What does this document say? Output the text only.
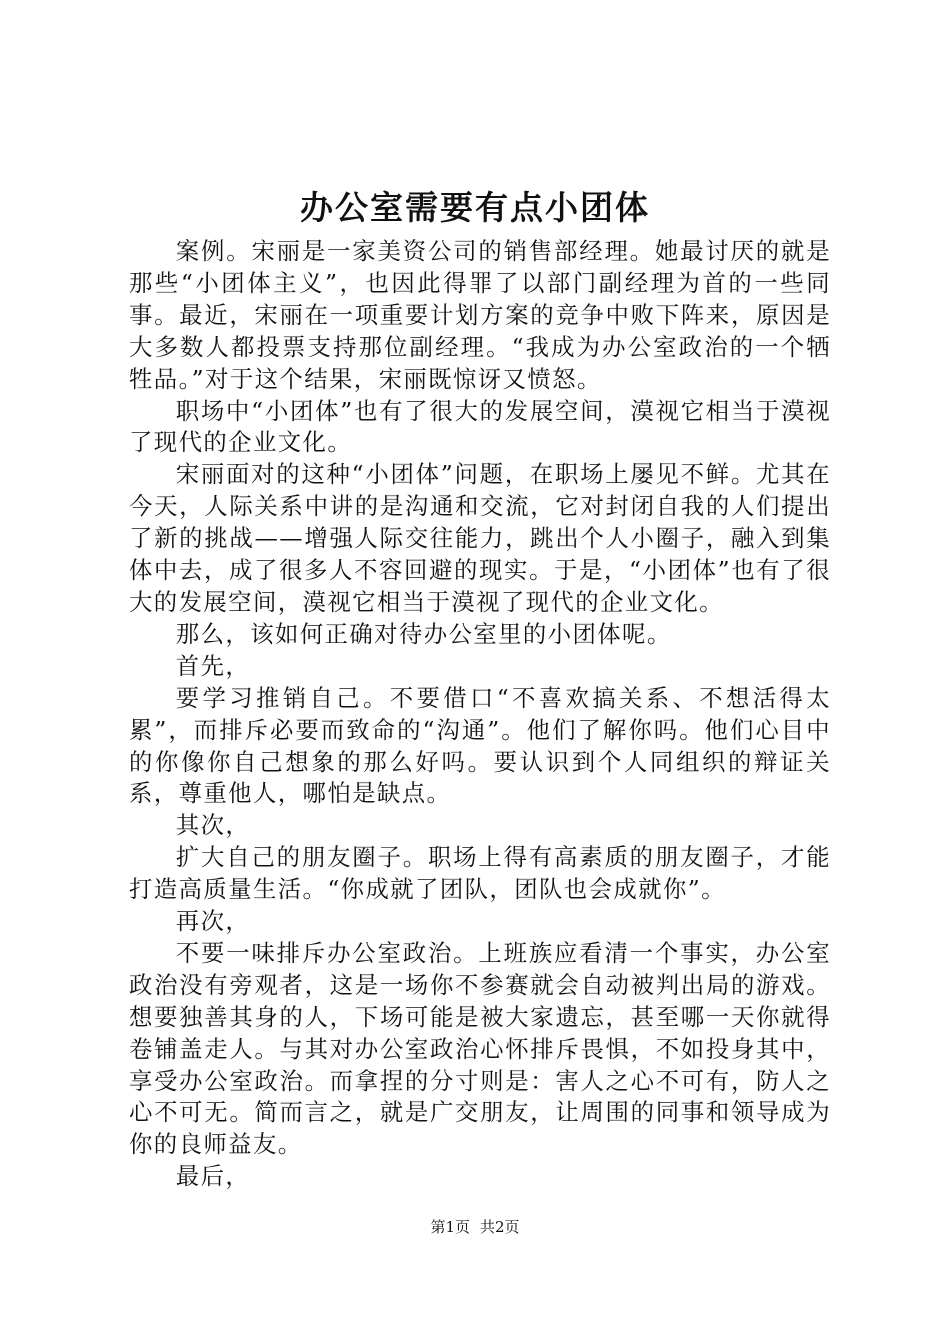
办公室需要有点小团体

案例。宋丽是一家美资公司的销售部经理。她最讨厌的就是那些“小团体主义”，也因此得罪了以部门副经理为首的一些同事。最近，宋丽在一项重要计划方案的竞争中败下阵来，原因是大多数人都投票支持那位副经理。“我成为办公室政治的一个牺牲品。”对于这个结果，宋丽既惊讶又愤怒。

职场中“小团体”也有了很大的发展空间，漠视它相当于漠视了现代的企业文化。

宋丽面对的这种“小团体”问题，在职场上屡见不鲜。尤其在今天，人际关系中讲的是沟通和交流，它对封闭自我的人们提出了新的挑战——增强人际交往能力，跳出个人小圈子，融入到集体中去，成了很多人不容回避的现实。于是，“小团体”也有了很大的发展空间，漠视它相当于漠视了现代的企业文化。

那么，该如何正确对待办公室里的小团体呢。

首先，

要学习推销自己。不要借口“不喜欢搞关系、不想活得太累”，而排斥必要而致命的“沟通”。他们了解你吗。他们心目中的你像你自己想象的那么好吗。要认识到个人同组织的辩证关系，尊重他人，哪怕是缺点。

其次，

扩大自己的朋友圈子。职场上得有高素质的朋友圈子，才能打造高质量生活。“你成就了团队，团队也会成就你”。

再次，

不要一味排斥办公室政治。上班族应看清一个事实，办公室政治没有旁观者，这是一场你不参赛就会自动被判出局的游戏。想要独善其身的人，下场可能是被大家遗忘，甚至哪一天你就得卷铺盖走人。与其对办公室政治心怀排斥畏惧，不如投身其中，享受办公室政治。而拿捏的分寸则是：害人之心不可有，防人之心不可无。简而言之，就是广交朋友，让周围的同事和领导成为你的良师益友。

最后，

第1页 共2页
